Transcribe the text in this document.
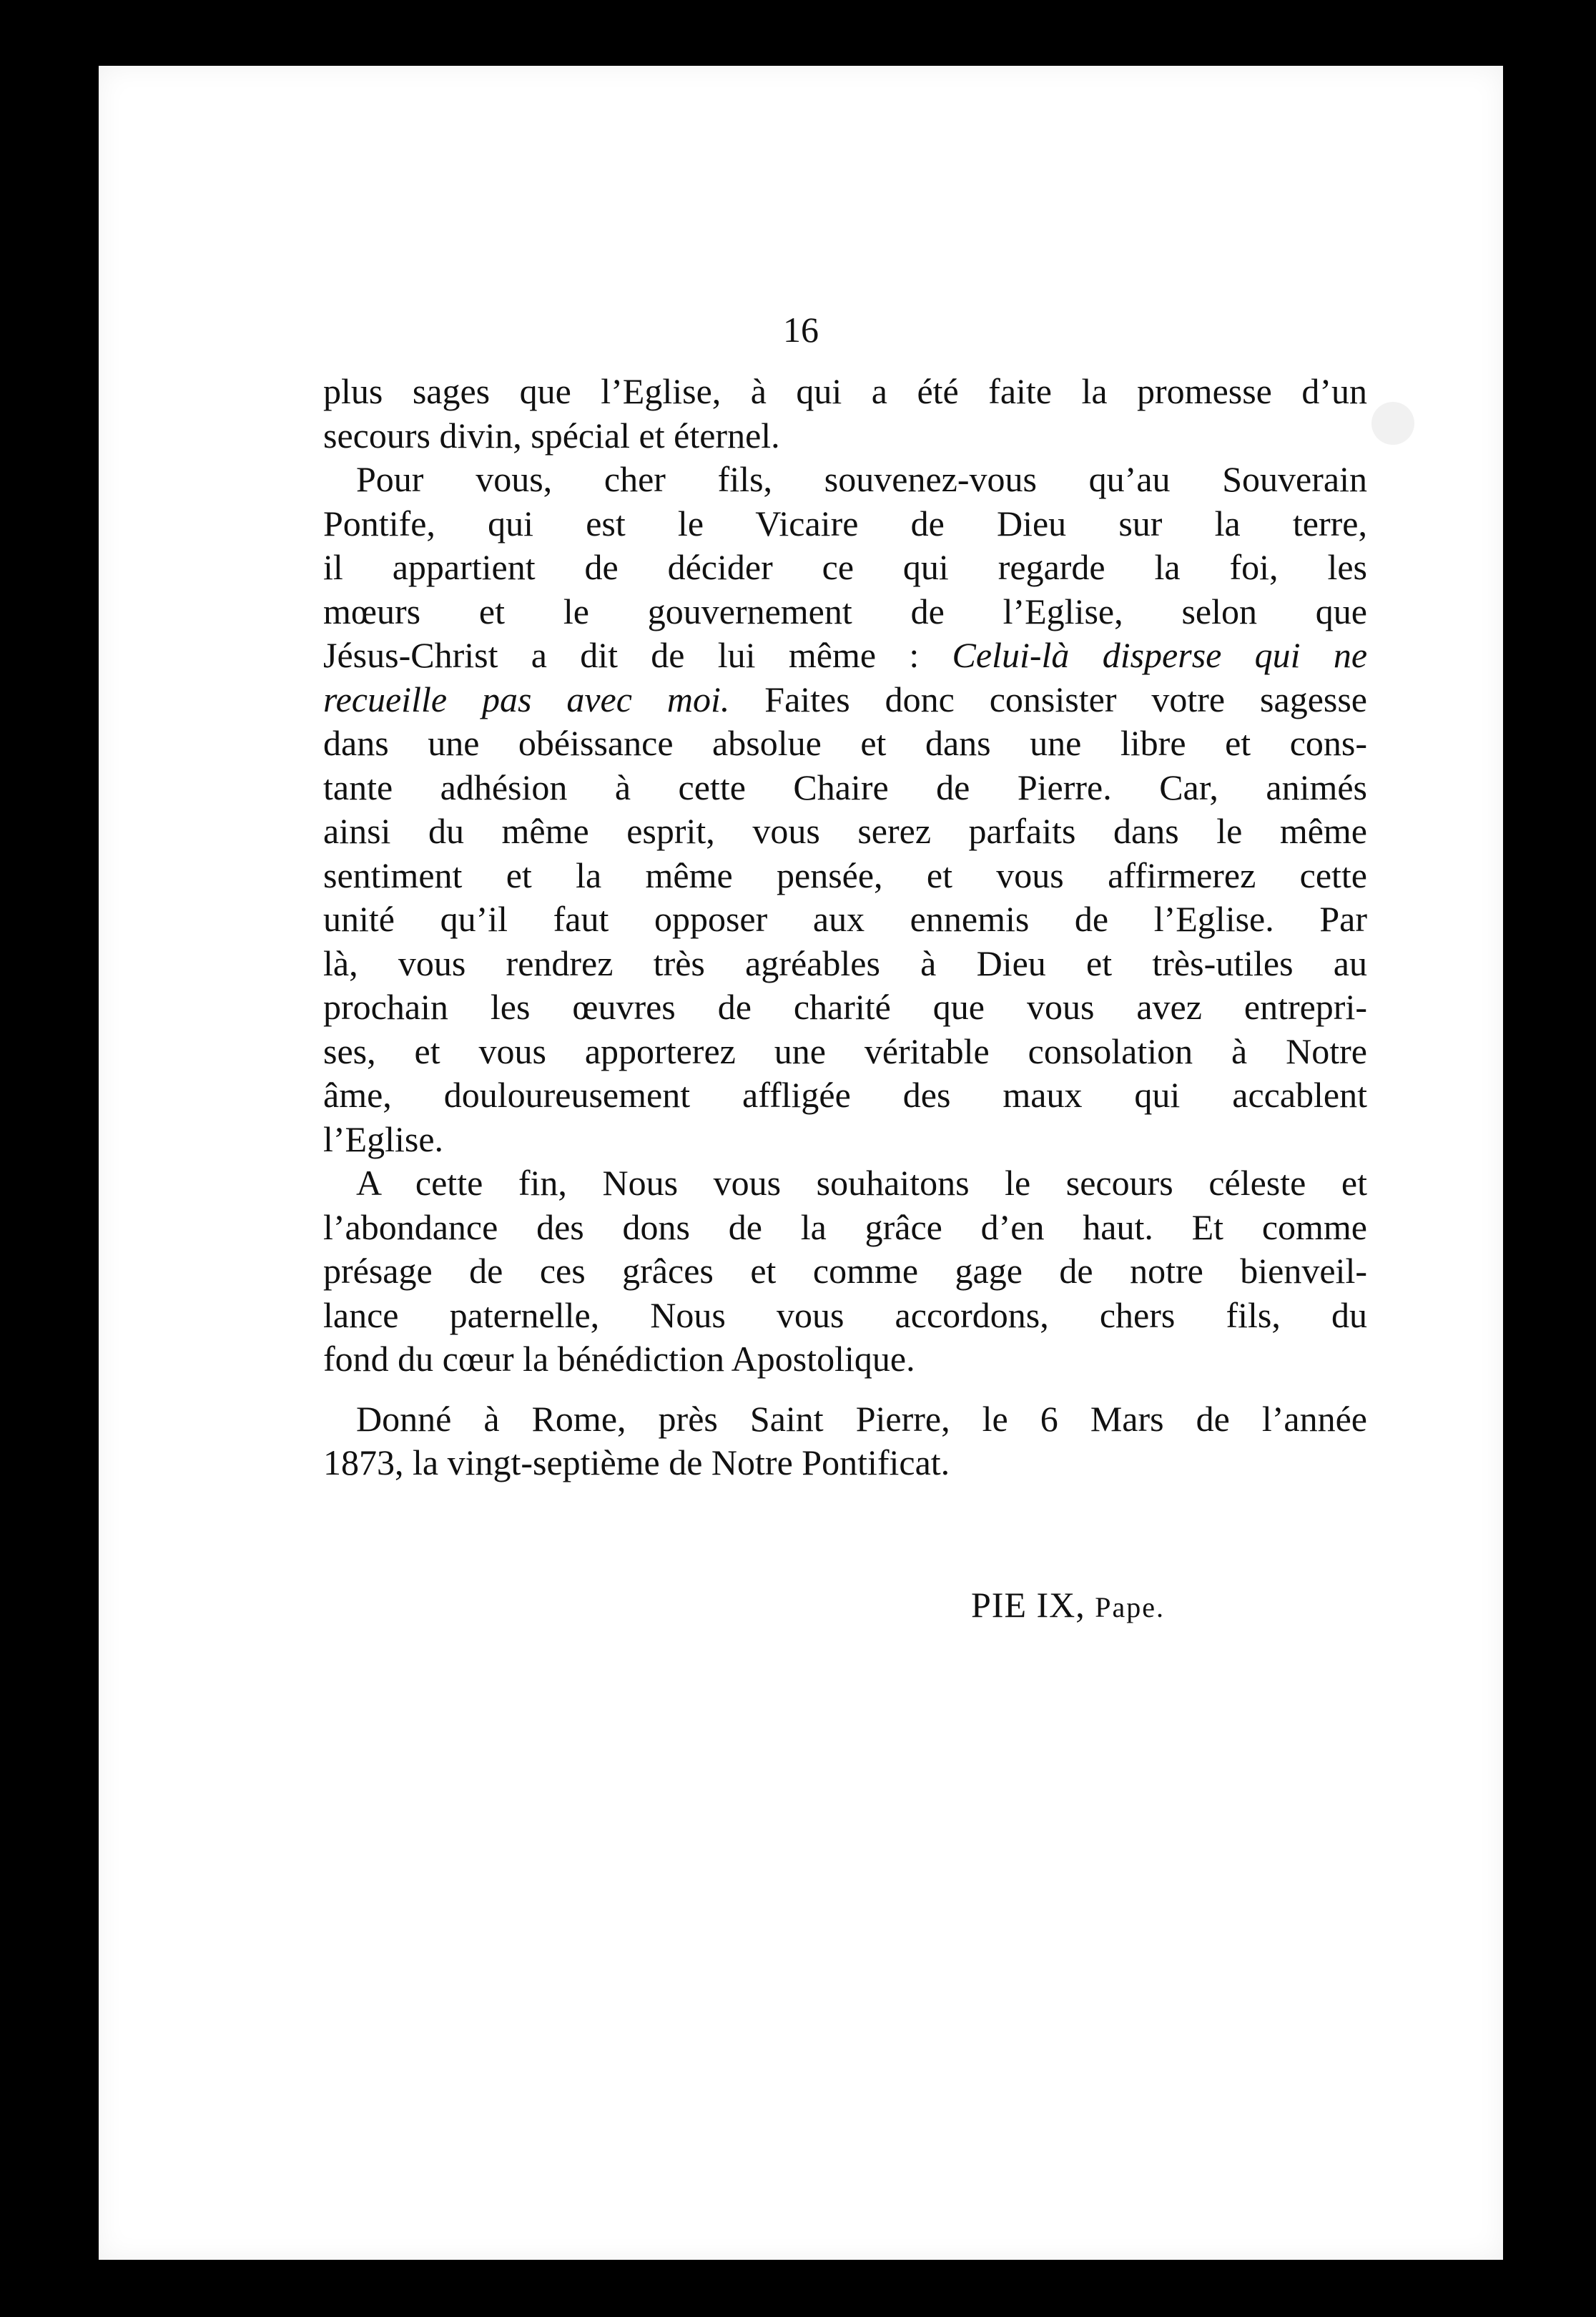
16

plus sages que l’Eglise, à qui a été faite la promesse d’un
secours divin, spécial et éternel.

Pour vous, cher fils, souvenez-vous qu’au Souverain
Pontife, qui est le Vicaire de Dieu sur la terre,
il appartient de décider ce qui regarde la foi, les
mœurs et le gouvernement de l’Eglise, selon que
Jésus-Christ a dit de lui même : Celui-là disperse qui ne
recueille pas avec moi. Faites donc consister votre sagesse
dans une obéissance absolue et dans une libre et cons-
tante adhésion à cette Chaire de Pierre. Car, animés
ainsi du même esprit, vous serez parfaits dans le même
sentiment et la même pensée, et vous affirmerez cette
unité qu’il faut opposer aux ennemis de l’Eglise. Par
là, vous rendrez très agréables à Dieu et très-utiles au
prochain les œuvres de charité que vous avez entrepri-
ses, et vous apporterez une véritable consolation à Notre
âme, douloureusement affligée des maux qui accablent
l’Eglise.

A cette fin, Nous vous souhaitons le secours céleste et
l’abondance des dons de la grâce d’en haut. Et comme
présage de ces grâces et comme gage de notre bienveil-
lance paternelle, Nous vous accordons, chers fils, du
fond du cœur la bénédiction Apostolique.

Donné à Rome, près Saint Pierre, le 6 Mars de l’année
1873, la vingt-septième de Notre Pontificat.

PIE IX, Pape.
